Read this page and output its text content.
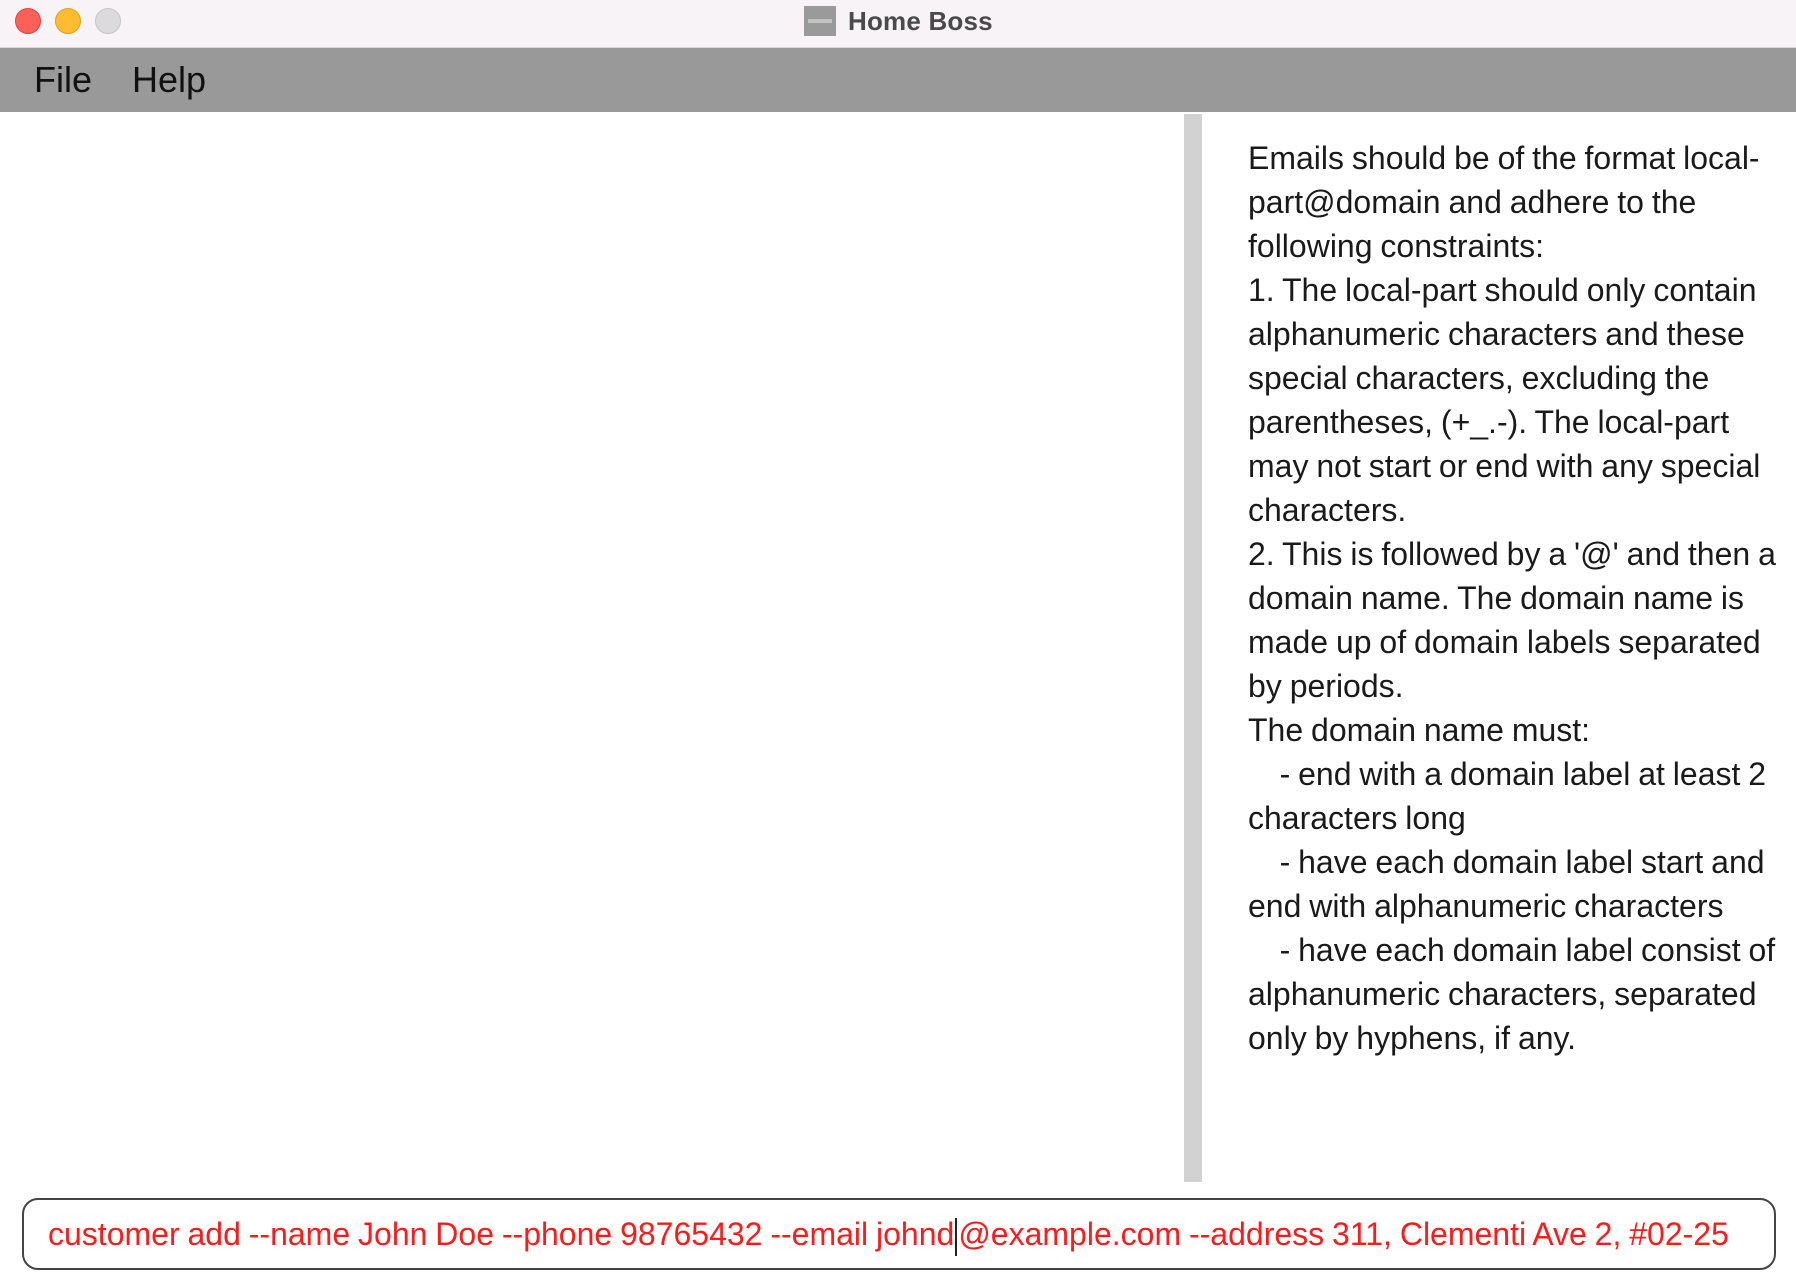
Home Boss
File	Help
Emails should be of the format local-part@domain and adhere to the following constraints:
1. The local-part should only contain alphanumeric characters and these special characters, excluding the parentheses, (+_.-). The local-part may not start or end with any special characters.
2. This is followed by a '@' and then a domain name. The domain name is made up of domain labels separated by periods.
The domain name must:
- end with a domain label at least 2 characters long
- have each domain label start and end with alphanumeric characters
- have each domain label consist of alphanumeric characters, separated only by hyphens, if any.
customer add --name John Doe --phone 98765432 --email johnd @example.com --address 311, Clementi Ave 2, #02-25
